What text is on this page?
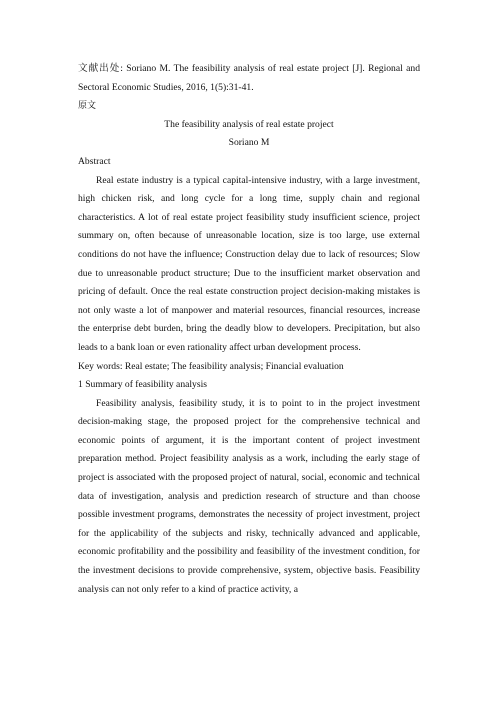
文献出处: Soriano M. The feasibility analysis of real estate project [J]. Regional and Sectoral Economic Studies, 2016, 1(5):31-41.

原文

The feasibility analysis of real estate project

Soriano M

Abstract

Real estate industry is a typical capital-intensive industry, with a large investment, high chicken risk, and long cycle for a long time, supply chain and regional characteristics. A lot of real estate project feasibility study insufficient science, project summary on, often because of unreasonable location, size is too large, use external conditions do not have the influence; Construction delay due to lack of resources; Slow due to unreasonable product structure; Due to the insufficient market observation and pricing of default. Once the real estate construction project decision-making mistakes is not only waste a lot of manpower and material resources, financial resources, increase the enterprise debt burden, bring the deadly blow to developers. Precipitation, but also leads to a bank loan or even rationality affect urban development process.

Key words: Real estate; The feasibility analysis; Financial evaluation

1 Summary of feasibility analysis

Feasibility analysis, feasibility study, it is to point to in the project investment decision-making stage, the proposed project for the comprehensive technical and economic points of argument, it is the important content of project investment preparation method. Project feasibility analysis as a work, including the early stage of project is associated with the proposed project of natural, social, economic and technical data of investigation, analysis and prediction research of structure and than choose possible investment programs, demonstrates the necessity of project investment, project for the applicability of the subjects and risky, technically advanced and applicable, economic profitability and the possibility and feasibility of the investment condition, for the investment decisions to provide comprehensive, system, objective basis. Feasibility analysis can not only refer to a kind of practice activity, a
